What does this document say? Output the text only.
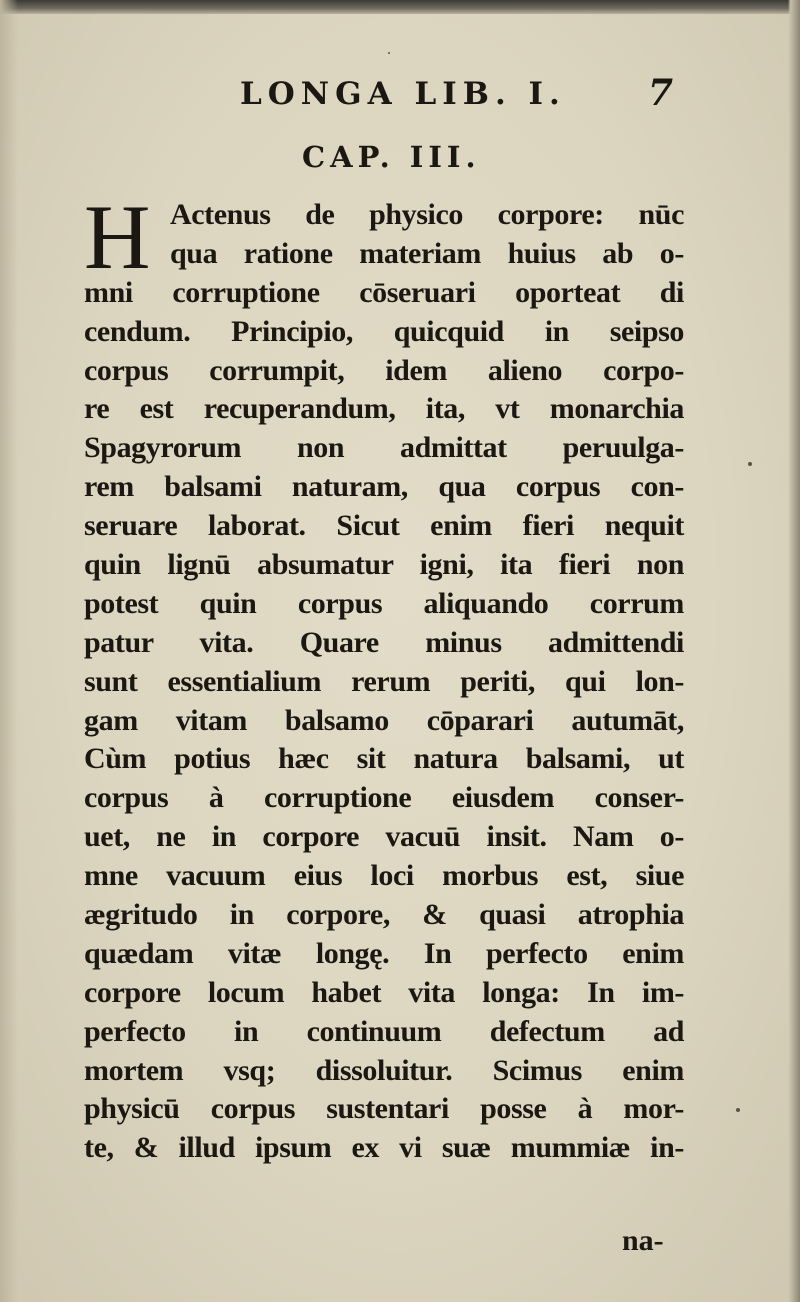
LONGA LIB. I. 7
CAP. III.
H Actenus de physico corpore: nūc
qua ratione materiam huius ab o-
mni corruptione cōseruari oporteat di
cendum. Principio, quicquid in seipso
corpus corrumpit, idem alieno corpo-
re est recuperandum, ita, vt monarchia
Spagyrorum non admittat peruulga-
rem balsami naturam, qua corpus con-
seruare laborat. Sicut enim fieri nequit
quin lignū absumatur igni, ita fieri non
potest quin corpus aliquando corrum
patur vita. Quare minus admittendi
sunt essentialium rerum periti, qui lon-
gam vitam balsamo cōparari autumāt,
Cùm potius hæc sit natura balsami, ut
corpus à corruptione eiusdem conser-
uet, ne in corpore vacuū insit. Nam o-
mne vacuum eius loci morbus est, siue
ægritudo in corpore, & quasi atrophia
quædam vitæ longę. In perfecto enim
corpore locum habet vita longa: In im-
perfecto in continuum defectum ad
mortem vsq; dissoluitur. Scimus enim
physicū corpus sustentari posse à mor-
te, & illud ipsum ex vi suæ mummiæ in-
na-
